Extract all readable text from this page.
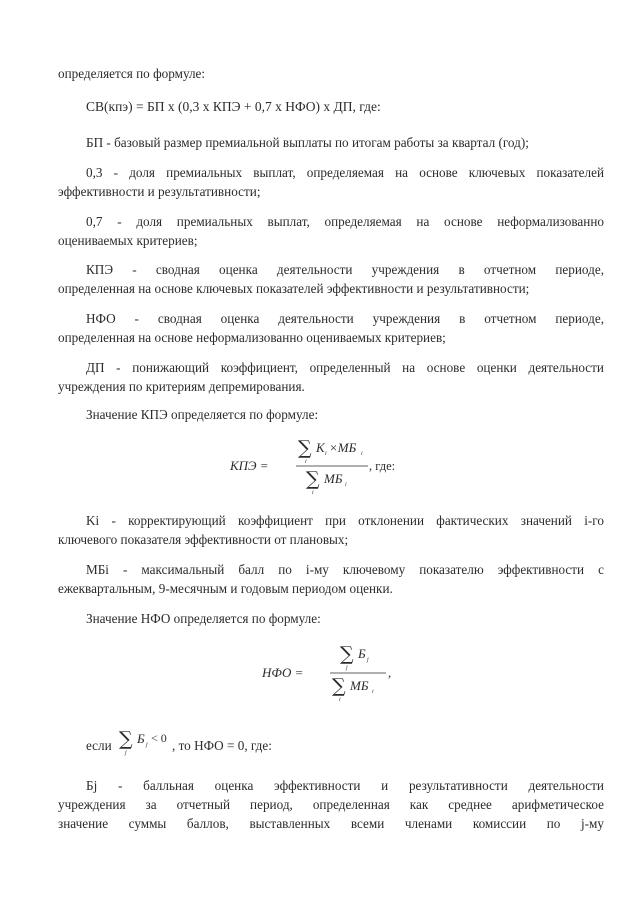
определяется по формуле:

СВ(кпэ) = БП х (0,3 х КПЭ + 0,7 х НФО) х ДП, где:

БП - базовый размер премиальной выплаты по итогам работы за квартал (год);

0,3 - доля премиальных выплат, определяемая на основе ключевых показателей

эффективности и результативности;

0,7 - доля премиальных выплат, определяемая на основе неформализованно

оцениваемых критериев;

КПЭ - сводная оценка деятельности учреждения в отчетном периоде,

определенная на основе ключевых показателей эффективности и результативности;

НФО - сводная оценка деятельности учреждения в отчетном периоде,

определенная на основе неформализованно оцениваемых критериев;

ДП - понижающий коэффициент, определенный на основе оценки деятельности

учреждения по критериям депремирования.

Значение КПЭ определяется по формуле:

КПЭ =
∑
i
K i ×МБ i
∑
i
МБ i
, где:

Ki - корректирующий коэффициент при отклонении фактических значений i-го

ключевого показателя эффективности от плановых;

МБi - максимальный балл по i-му ключевому показателю эффективности с

ежеквартальным, 9-месячным и годовым периодом оценки.

Значение НФО определяется по формуле:

НФО =
∑
j
Б j
∑
i
МБ i
,

если ∑
j
Б j < 0 , то НФО = 0, где:

Бj - балльная оценка эффективности и результативности деятельности

учреждения за отчетный период, определенная как среднее арифметическое

значение суммы баллов, выставленных всеми членами комиссии по j-му
